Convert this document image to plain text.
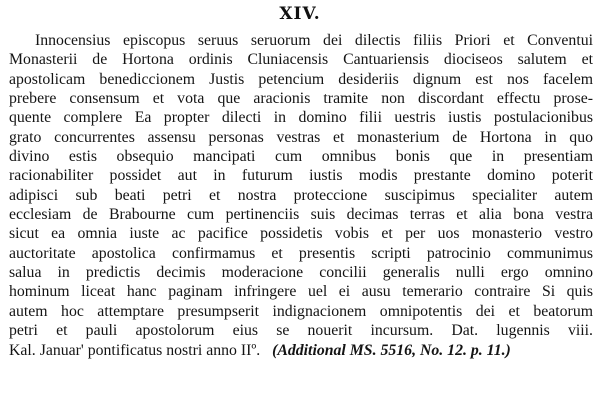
XIV.
Innocensius episcopus seruus seruorum dei dilectis filiis Priori et Conventui
Monasterii de Hortona ordinis Cluniacensis Cantuariensis diociseos salutem et
apostolicam benediccionem Justis petencium desideriis dignum est nos facelem
prebere consensum et vota que aracionis tramite non discordant effectu prose-
quente complere Ea propter dilecti in domino filii uestris iustis postulacionibus
grato concurrentes assensu personas vestras et monasterium de Hortona in quo
divino estis obsequio mancipati cum omnibus bonis que in presentiam
racionabiliter possidet aut in futurum iustis modis prestante domino poterit
adipisci sub beati petri et nostra proteccione suscipimus specialiter autem
ecclesiam de Brabourne cum pertinenciis suis decimas terras et alia bona vestra
sicut ea omnia iuste ac pacifice possidetis vobis et per uos monasterio vestro
auctoritate apostolica confirmamus et presentis scripti patrocinio communimus
salua in predictis decimis moderacione concilii generalis nulli ergo omnino
hominum liceat hanc paginam infringere uel ei ausu temerario contraire Si quis
autem hoc attemptare presumpserit indignacionem omnipotentis dei et beatorum
petri et pauli apostolorum eius se nouerit incursum. Dat. lugennis viii.
Kal. Januar' pontificatus nostri anno IIº. (Additional MS. 5516, No. 12. p. 11.)
